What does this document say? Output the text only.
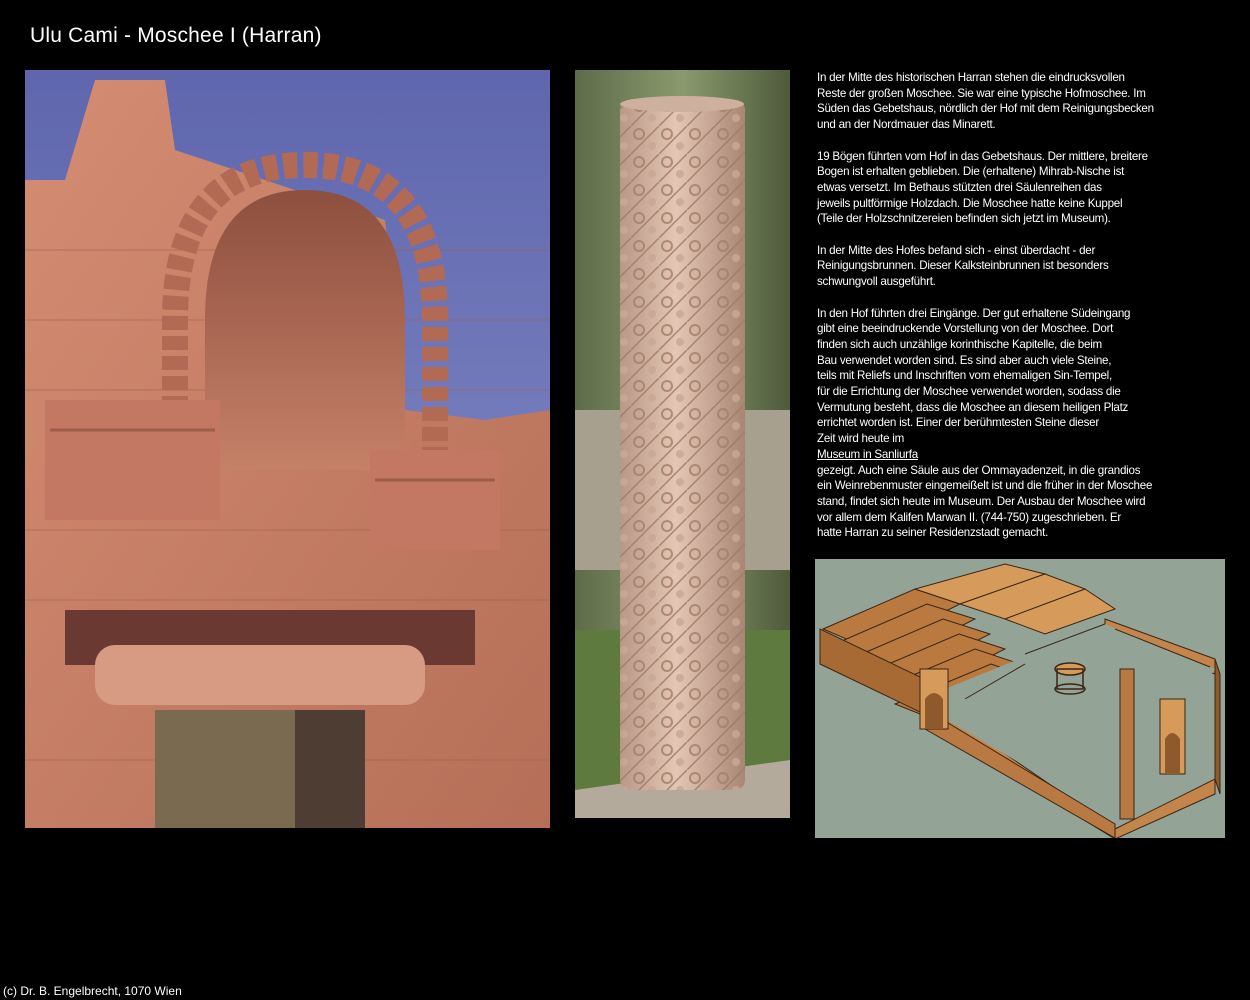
Ulu Cami - Moschee I (Harran)

In der Mitte des historischen Harran stehen die eindrucksvollen
Reste der großen Moschee. Sie war eine typische Hofmoschee. Im
Süden das Gebetshaus, nördlich der Hof mit dem Reinigungsbecken
und an der Nordmauer das Minarett.

19 Bögen führten vom Hof in das Gebetshaus. Der mittlere, breitere
Bogen ist erhalten geblieben. Die (erhaltene) Mihrab-Nische ist
etwas versetzt. Im Bethaus stützten drei Säulenreihen das
jeweils pultförmige Holzdach. Die Moschee hatte keine Kuppel
(Teile der Holzschnitzereien befinden sich jetzt im Museum).

In der Mitte des Hofes befand sich - einst überdacht - der
Reinigungsbrunnen. Dieser Kalksteinbrunnen ist besonders
schwungvoll ausgeführt.

In den Hof führten drei Eingänge. Der gut erhaltene Südeingang
gibt eine beeindruckende Vorstellung von der Moschee. Dort
finden sich auch unzählige korinthische Kapitelle, die beim
Bau verwendet worden sind. Es sind aber auch viele Steine,
teils mit Reliefs und Inschriften vom ehemaligen Sin-Tempel,
für die Errichtung der Moschee verwendet worden, sodass die
Vermutung besteht, dass die Moschee an diesem heiligen Platz
errichtet worden ist. Einer der berühmtesten Steine dieser
Zeit wird heute im
Museum in Sanliurfa
gezeigt. Auch eine Säule aus der Ommayadenzeit, in die grandios
ein Weinrebenmuster eingemeißelt ist und die früher in der Moschee
stand, findet sich heute im Museum. Der Ausbau der Moschee wird
vor allem dem Kalifen Marwan II. (744-750) zugeschrieben. Er
hatte Harran zu seiner Residenzstadt gemacht.

(c) Dr. B. Engelbrecht, 1070 Wien
